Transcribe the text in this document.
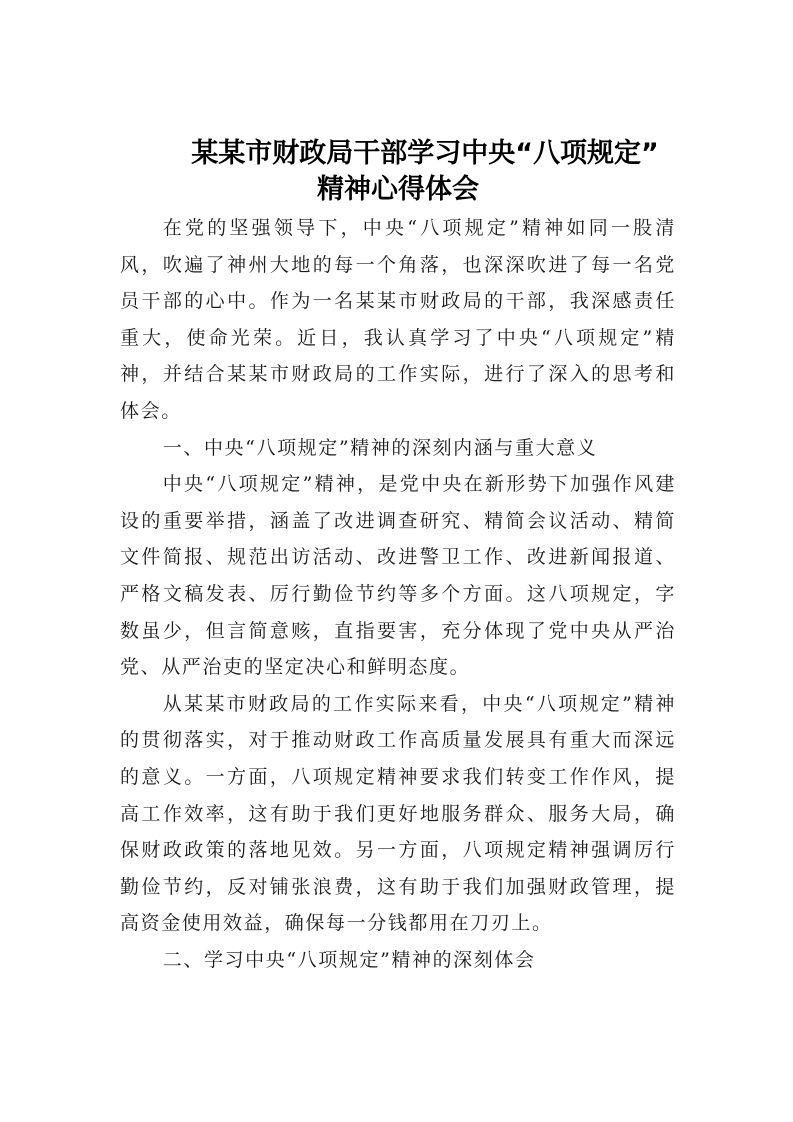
某某市财政局干部学习中央“八项规定”
精神心得体会

在党的坚强领导下，中央“八项规定”精神如同一股清风，吹遍了神州大地的每一个角落，也深深吹进了每一名党员干部的心中。作为一名某某市财政局的干部，我深感责任重大，使命光荣。近日，我认真学习了中央“八项规定”精神，并结合某某市财政局的工作实际，进行了深入的思考和体会。

一、中央“八项规定”精神的深刻内涵与重大意义

中央“八项规定”精神，是党中央在新形势下加强作风建设的重要举措，涵盖了改进调查研究、精简会议活动、精简文件简报、规范出访活动、改进警卫工作、改进新闻报道、严格文稿发表、厉行勤俭节约等多个方面。这八项规定，字数虽少，但言简意赅，直指要害，充分体现了党中央从严治党、从严治吏的坚定决心和鲜明态度。

从某某市财政局的工作实际来看，中央“八项规定”精神的贯彻落实，对于推动财政工作高质量发展具有重大而深远的意义。一方面，八项规定精神要求我们转变工作作风，提高工作效率，这有助于我们更好地服务群众、服务大局，确保财政政策的落地见效。另一方面，八项规定精神强调厉行勤俭节约，反对铺张浪费，这有助于我们加强财政管理，提高资金使用效益，确保每一分钱都用在刀刃上。

二、学习中央“八项规定”精神的深刻体会
